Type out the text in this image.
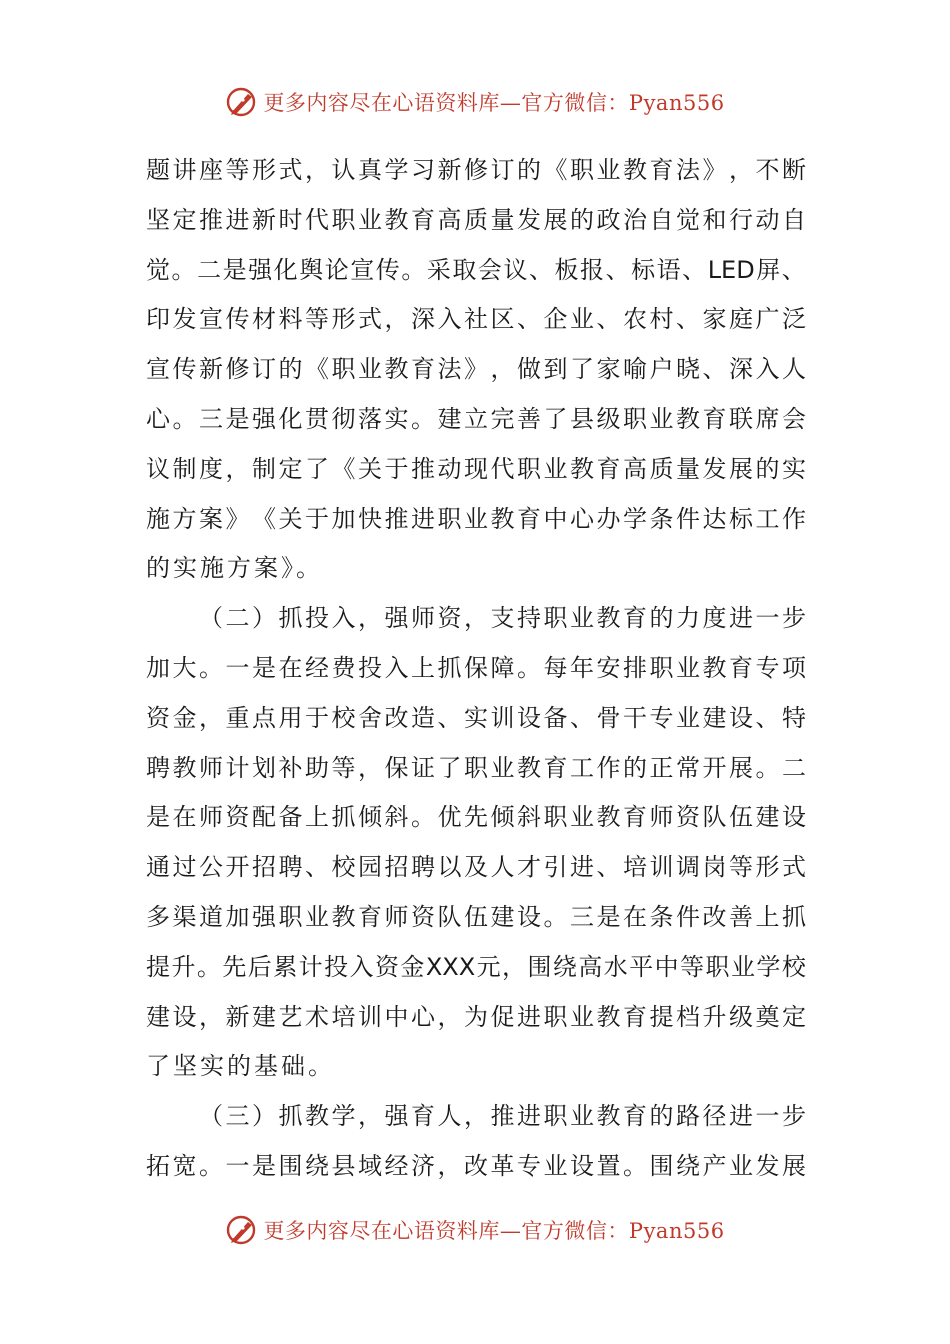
更多内容尽在心语资料库—官方微信：Pyan556
题 讲 座 等 形 式 ， 认 真 学 习 新 修 订 的 《 职 业 教 育 法 》 ， 不 断
坚 定 推 进 新 时 代 职 业 教 育 高 质 量 发 展 的 政 治 自 觉 和 行 动 自
觉 。 二 是 强 化 舆 论 宣 传 。 采 取 会 议 、 板 报 、 标 语 、 LED 屏 、
印 发 宣 传 材 料 等 形 式 ， 深 入 社 区 、 企 业 、 农 村 、 家 庭 广 泛
宣 传 新 修 订 的 《 职 业 教 育 法 》 ， 做 到 了 家 喻 户 晓 、 深 入 人
心 。 三 是 强 化 贯 彻 落 实 。 建 立 完 善 了 县 级 职 业 教 育 联 席 会
议 制 度 ， 制 定 了 《 关 于 推 动 现 代 职 业 教 育 高 质 量 发 展 的 实
施 方 案 》 《 关 于 加 快 推 进 职 业 教 育 中 心 办 学 条 件 达 标 工 作
的实施方案》。

（ 二 ） 抓 投 入 ， 强 师 资 ， 支 持 职 业 教 育 的 力 度 进 一 步
加 大 。 一 是 在 经 费 投 入 上 抓 保 障 。 每 年 安 排 职 业 教 育 专 项
资 金 ， 重 点 用 于 校 舍 改 造 、 实 训 设 备 、 骨 干 专 业 建 设 、 特
聘 教 师 计 划 补 助 等 ， 保 证 了 职 业 教 育 工 作 的 正 常 开 展 。 二
是 在 师 资 配 备 上 抓 倾 斜 。 优 先 倾 斜 职 业 教 育 师 资 队 伍 建 设
通 过 公 开 招 聘 、 校 园 招 聘 以 及 人 才 引 进 、 培 训 调 岗 等 形 式
多 渠 道 加 强 职 业 教 育 师 资 队 伍 建 设 。 三 是 在 条 件 改 善 上 抓
提 升 。 先 后 累 计 投 入 资 金 XXX 元 ， 围 绕 高 水 平 中 等 职 业 学 校
建 设 ， 新 建 艺 术 培 训 中 心 ， 为 促 进 职 业 教 育 提 档 升 级 奠 定
了坚实的基础。

（ 三 ） 抓 教 学 ， 强 育 人 ， 推 进 职 业 教 育 的 路 径 进 一 步
拓 宽 。 一 是 围 绕 县 域 经 济 ， 改 革 专 业 设 置 。 围 绕 产 业 发 展
更多内容尽在心语资料库—官方微信：Pyan556
